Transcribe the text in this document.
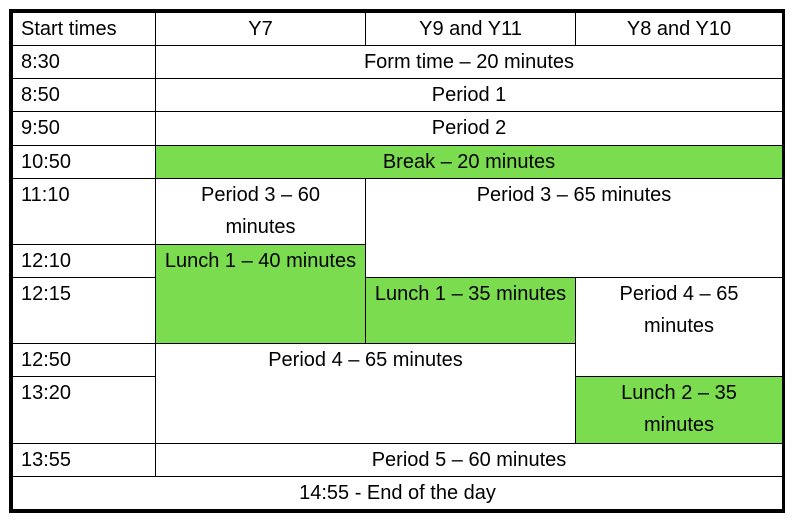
Start times	Y7	Y9 and Y11	Y8 and Y10
8:30	Form time – 20 minutes		
8:50	Period 1		
9:50	Period 2		
10:50	Break – 20 minutes		
11:10	Period 3 – 60 minutes	Period 3 – 65 minutes	
12:10	Lunch 1 – 40 minutes		
12:15		Lunch 1 – 35 minutes	Period 4 – 65 minutes
12:50	Period 4 – 65 minutes		
13:20			Lunch 2 – 35 minutes
13:55	Period 5 – 60 minutes		
14:55 - End of the day			
